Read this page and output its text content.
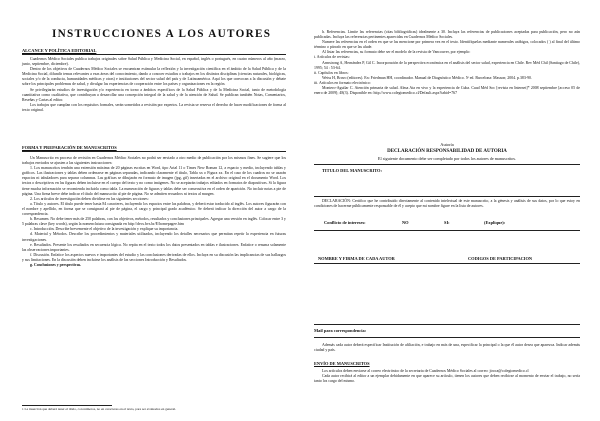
INSTRUCCIONES A LOS AUTORES
ALCANCE Y POLÍTICA EDITORIAL

Cuadernos Médico Sociales publica trabajos originales sobre Salud Pública y Medicina Social, en español, inglés o portugués, en cuatro números al año (marzo, junio, septiembre, diciembre).

Dentro de los objetivos de Cuadernos Médico Sociales se encuentran estimular la reflexión y la investigación científica en el ámbito de la Salud Pública y de la Medicina Social, difundir temas relevantes a esas áreas del conocimiento, dando a conocer estudios o trabajos en los distintos disciplinas (ciencias naturales, biológicas, sociales y/o de la conducta, humanidades médicas y otras) e instituciones del sector salud del país y de Latinoamérica. Aquí los que convocan a la discusión y debate sobre los principales problemas de salud, y divulgar las experiencias de cooperación entre los países y organizaciones en la región.

Se privilegiarán estudios de investigación y/o experiencia en torno a ámbitos específicos de la Salud Pública y de la Medicina Social, tanto de metodología cuantitativa como cualitativa, que contribuyan a desarrollar una concepción integral de la salud y de la atención de Salud. Se publican también Notas, Comentarios, Reseñas y Cartas al editor.

Los trabajos que cumplan con los requisitos formales, serán sometidos a revisión por expertos. La revista se reserva el derecho de hacer modificaciones de forma al texto original.

FORMA Y PREPARACIÓN DE MANUSCRITOS

Un Manuscrito en proceso de revisión en Cuadernos Médico Sociales no podrá ser enviado a otro medio de publicación por los mismos fines. Se sugiere que los trabajos enviados se ajusten a las siguientes instrucciones:

1. Los manuscritos tendrán una extensión máxima de 20 páginas escritas en Word, tipo Arial 11 o Times New Roman 12, a espacio y medio, incluyendo tablas y gráficos. Las ilustraciones y tablas deben ordenarse en páginas separadas, indicando claramente el título, Tabla xx o Figura xx. En el caso de los cuadros no se usarán espacios ni tabuladores para separar columnas. Las gráficas se dibujarán en formato de imagen (jpg, gif) insertadas en el archivo original en el documento Word. Los textos o descriptivos en las figuras deben incluirse en el cuerpo del texto y no como imágenes. No se aceptarán trabajos editados en formatos de diapositivas. Si la figura tiene mucha información se recomienda incluirla como tabla. La numeración de figuras y tablas debe ser consecutiva en el orden de aparición. No incluir notas a pie de página. Una firma breve debe indicar el título del manuscrito al pie de página. No se admiten recuadros ni textos al margen.

2. Los artículos de investigación deben dividirse en las siguientes secciones:

a. Título y autores. El título puede tener hasta 84 caracteres, incluyendo los espacios entre las palabras, y deberá estar traducido al inglés. Los autores figurarán con el nombre y apellido, en forma que se consignará al pie de página, el cargo y principal grado académico. Se deberá indicar la dirección del autor a cargo de la correspondencia.

b. Resumen. No debe tener más de 250 palabras, con los objetivos, métodos, resultados y conclusiones principales. Agregar una versión en inglés. Colocar entre 3 y 5 palabras clave (key words), según la nomenclatura consignada en http://decs.bvs.br/E/homepagee.htm

c. Introducción. Describe brevemente el objetivo de la investigación y explique su importancia.

d. Material y Métodos. Describe los procedimientos y materiales utilizados, incluyendo los detalles necesarios que permitan repetir la experiencia en futuras investigaciones.

e. Resultados. Presente los resultados en secuencia lógica. No repita en el texto todos los datos presentados en tablas e ilustraciones. Enfatice o resuma solamente las observaciones importantes.

f. Discusión. Enfatice los aspectos nuevos e importantes del estudio y las conclusiones derivadas de ellos. Incluya en su discusión las implicancias de sus hallazgos y sus limitaciones. En la discusión deben incluirse los análisis de las secciones Introducción y Resultados.

g. Conclusiones y perspectivas.

1 La inserción que deberá tener el título, con números, no en caracteres en el texto, para ser evaluados en general.

h. Referencias. Limite las referencias (citas bibliográficas) idealmente a 30. Incluya las referencias de publicaciones aceptadas para publicación, pero no aún publicadas. Incluya las referencias pertinentes aparecidas en Cuadernos Médico Sociales.

Numere las referencias en el orden en que se las mencione por primera vez en el texto. Identifíquelas mediante numerales arábigos, colocados ( ) al final del último término o párrafo en que se las alude.

Al listar las referencias, su formato debe ser el modelo de la revista de Vancouver, por ejemplo:

i. Artículos de revistas:

Armstrong A, Hernández P, Gil C. Incorporación de la perspectiva económica en el análisis del sector salud, experiencia en Chile. Rev Méd Chil (Santiago de Chile), 1995; 54 : 53-64.

ii. Capítulos en libros:

Weiss H, Bravo (editores). En: Friedman HH, coordinador. Manual de Diagnóstico Médico. 5ª ed. Barcelona: Masson; 2004. p.383-90.

iii. Artículos en formato electrónico:

Montero-Aguilar C. Atención primaria de salud. Alma Ata en vivo y la experiencia de Cuba. Cuad Méd Soc [revista en Internet]* 2008 septiembre [acceso 05 de enero de 2009]; 48(3). Disponible en: http://www.colegiomedico.cl/Default.aspx?tabid=767

Autoría
DECLARACIÓN RESPONSABILIDAD DE AUTORIA
El siguiente documento debe ser completado por todos los autores de manuscritos.
TITULO DEL MANUSCRITO:

DECLARACIÓN: Certifico que he contribuido directamente al contenido intelectual de este manuscrito, a la génesis y análisis de sus datos, por lo que estoy en condiciones de hacerme públicamente responsable de él y acepto que mi nombre figure en la lista de autores.

Conflicto de intereses:	NO	SI:	(Explique):
NOMBRE Y FIRMA DE CADA AUTOR	CODIGOS DE PARTICIPACION
Mail para correspondencia:

Además cada autor deberá especificar Institución de afiliación, e trabajo en más de una, especificar la principal o la que él autor desea que aparezca. Indicar además ciudad y país.

ENVÍO DE MANUSCRITOS

Los artículos deben enviarse al correo electrónico de la secretaria de Cuadernos Médico Sociales al correo: jiroca@colegiomedico.cl

Cada autor recibirá al editor a un ejemplar debidamente en que aparece su artículo, tienen los autores que deben recibirse al momento de enviar el trabajo, no sería tanto los cargo del mismo.
